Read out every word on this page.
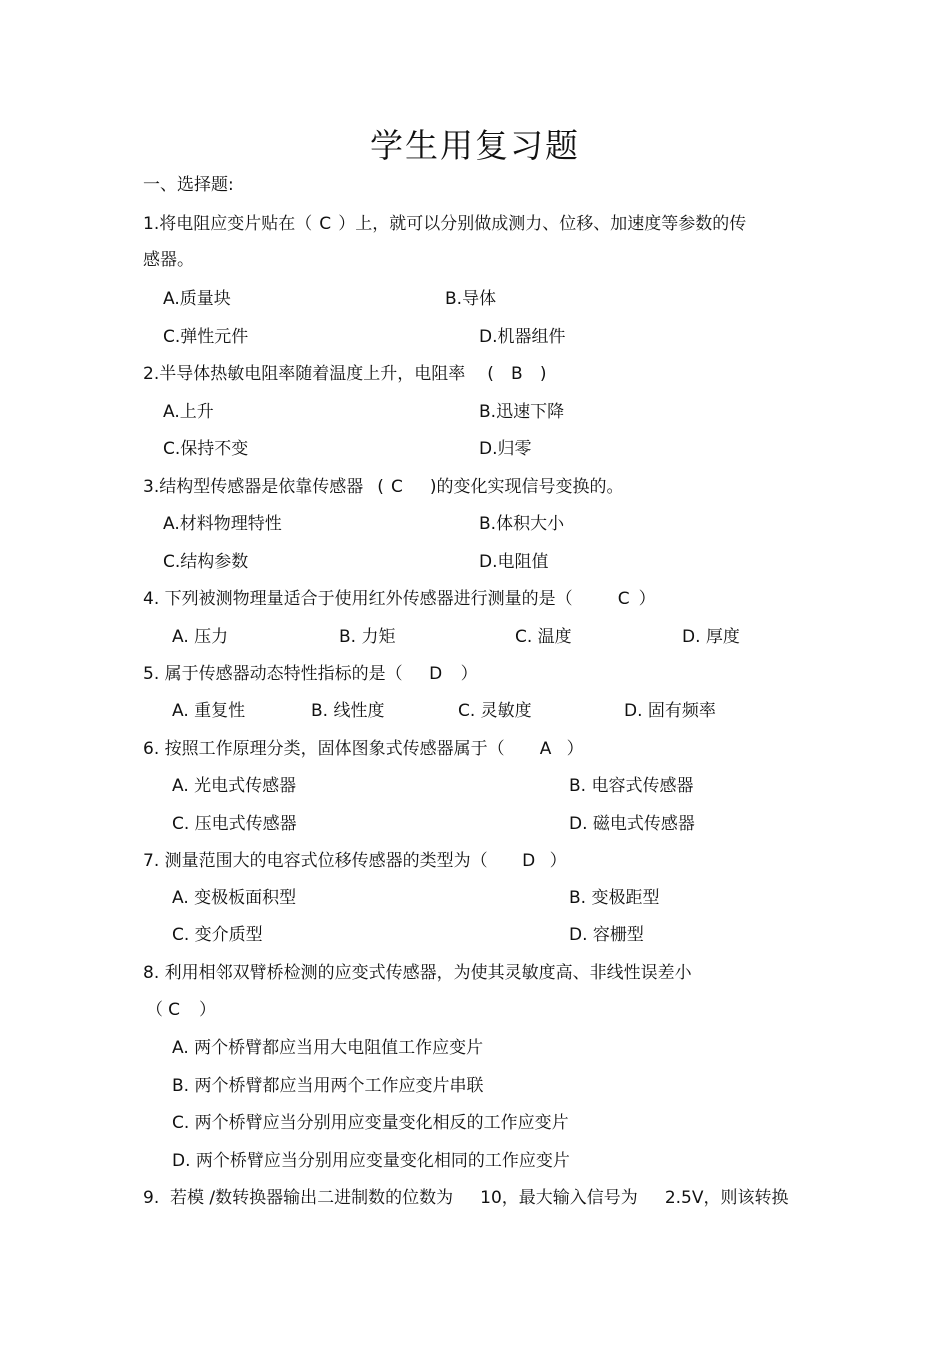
学生用复习题
一、选择题:
1.将电阻应变片贴在（ C ）上，就可以分别做成测力、位移、加速度等参数的传
感器。
A.质量块	B.导体
C.弹性元件	D.机器组件
2.半导体热敏电阻率随着温度上升，电阻率 ( B )
A.上升	B.迅速下降
C.保持不变	D.归零
3.结构型传感器是依靠传感器 ( C )的变化实现信号变换的。
A.材料物理特性	B.体积大小
C.结构参数	D.电阻值
4. 下列被测物理量适合于使用红外传感器进行测量的是（	C ）
A. 压力	B. 力矩	C. 温度	D. 厚度
5. 属于传感器动态特性指标的是（ D ）
A. 重复性	B. 线性度	C. 灵敏度	D. 固有频率
6. 按照工作原理分类，固体图象式传感器属于（ A ）
A. 光电式传感器	B. 电容式传感器
C. 压电式传感器	D. 磁电式传感器
7. 测量范围大的电容式位移传感器的类型为（ D ）
A. 变极板面积型	B. 变极距型
C. 变介质型	D. 容栅型
8. 利用相邻双臂桥检测的应变式传感器，为使其灵敏度高、非线性误差小
（ C ）
A. 两个桥臂都应当用大电阻值工作应变片
B. 两个桥臂都应当用两个工作应变片串联
C. 两个桥臂应当分别用应变量变化相反的工作应变片
D. 两个桥臂应当分别用应变量变化相同的工作应变片
9.  若模 /数转换器输出二进制数的位数为     10，最大输入信号为     2.5V，则该转换
